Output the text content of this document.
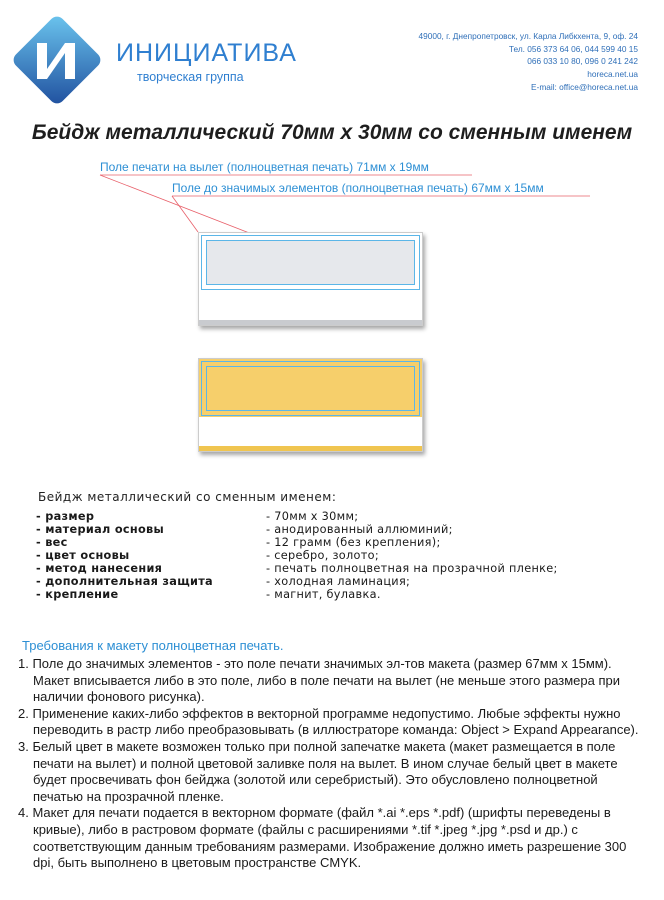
ИНИЦИАТИВА
творческая группа
49000, г. Днепропетровск, ул. Карла Либкхента, 9, оф. 24
Тел. 056 373 64 06, 044 599 40 15
066 033 10 80, 096 0 241 242
horeca.net.ua
E-mail: office@horeca.net.ua
Бейдж металлический 70мм х 30мм со сменным именем
Поле печати на вылет (полноцветная печать) 71мм х 19мм
Поле до значимых элементов (полноцветная печать) 67мм х 15мм
Бейдж металлический со сменным именем:
- размер	- 70мм х 30мм;
- материал основы	- анодированный аллюминий;
- вес	- 12 грамм (без крепления);
- цвет основы	- серебро, золото;
- метод нанесения	- печать полноцветная на прозрачной пленке;
- дополнительная защита	- холодная ламинация;
- крепление	- магнит, булавка.
Требования к макету полноцветная печать.
1. Поле до значимых элементов - это поле печати значимых эл-тов макета (размер 67мм х 15мм). Макет вписывается либо в это поле, либо в поле печати на вылет (не меньше этого размера при наличии фонового рисунка).
2. Применение каких-либо эффектов в векторной программе недопустимо. Любые эффекты нужно переводить в растр либо преобразовывать (в иллюстраторе команда: Object > Expand Appearance).
3. Белый цвет в макете возможен только при полной запечатке макета (макет размещается в поле печати на вылет) и полной цветовой заливке поля на вылет. В ином случае белый цвет в макете будет просвечивать фон бейджа (золотой или серебристый). Это обусловлено полноцветной печатью на прозрачной пленке.
4. Макет для печати подается в векторном формате (файл *.ai *.eps *.pdf) (шрифты переведены в кривые), либо в растровом формате (файлы с расширениями *.tif *.jpeg *.jpg *.psd и др.) с соответствующим данным требованиям размерами. Изображение должно иметь разрешение 300 dpi, быть выполнено в цветовым пространстве CMYK.
